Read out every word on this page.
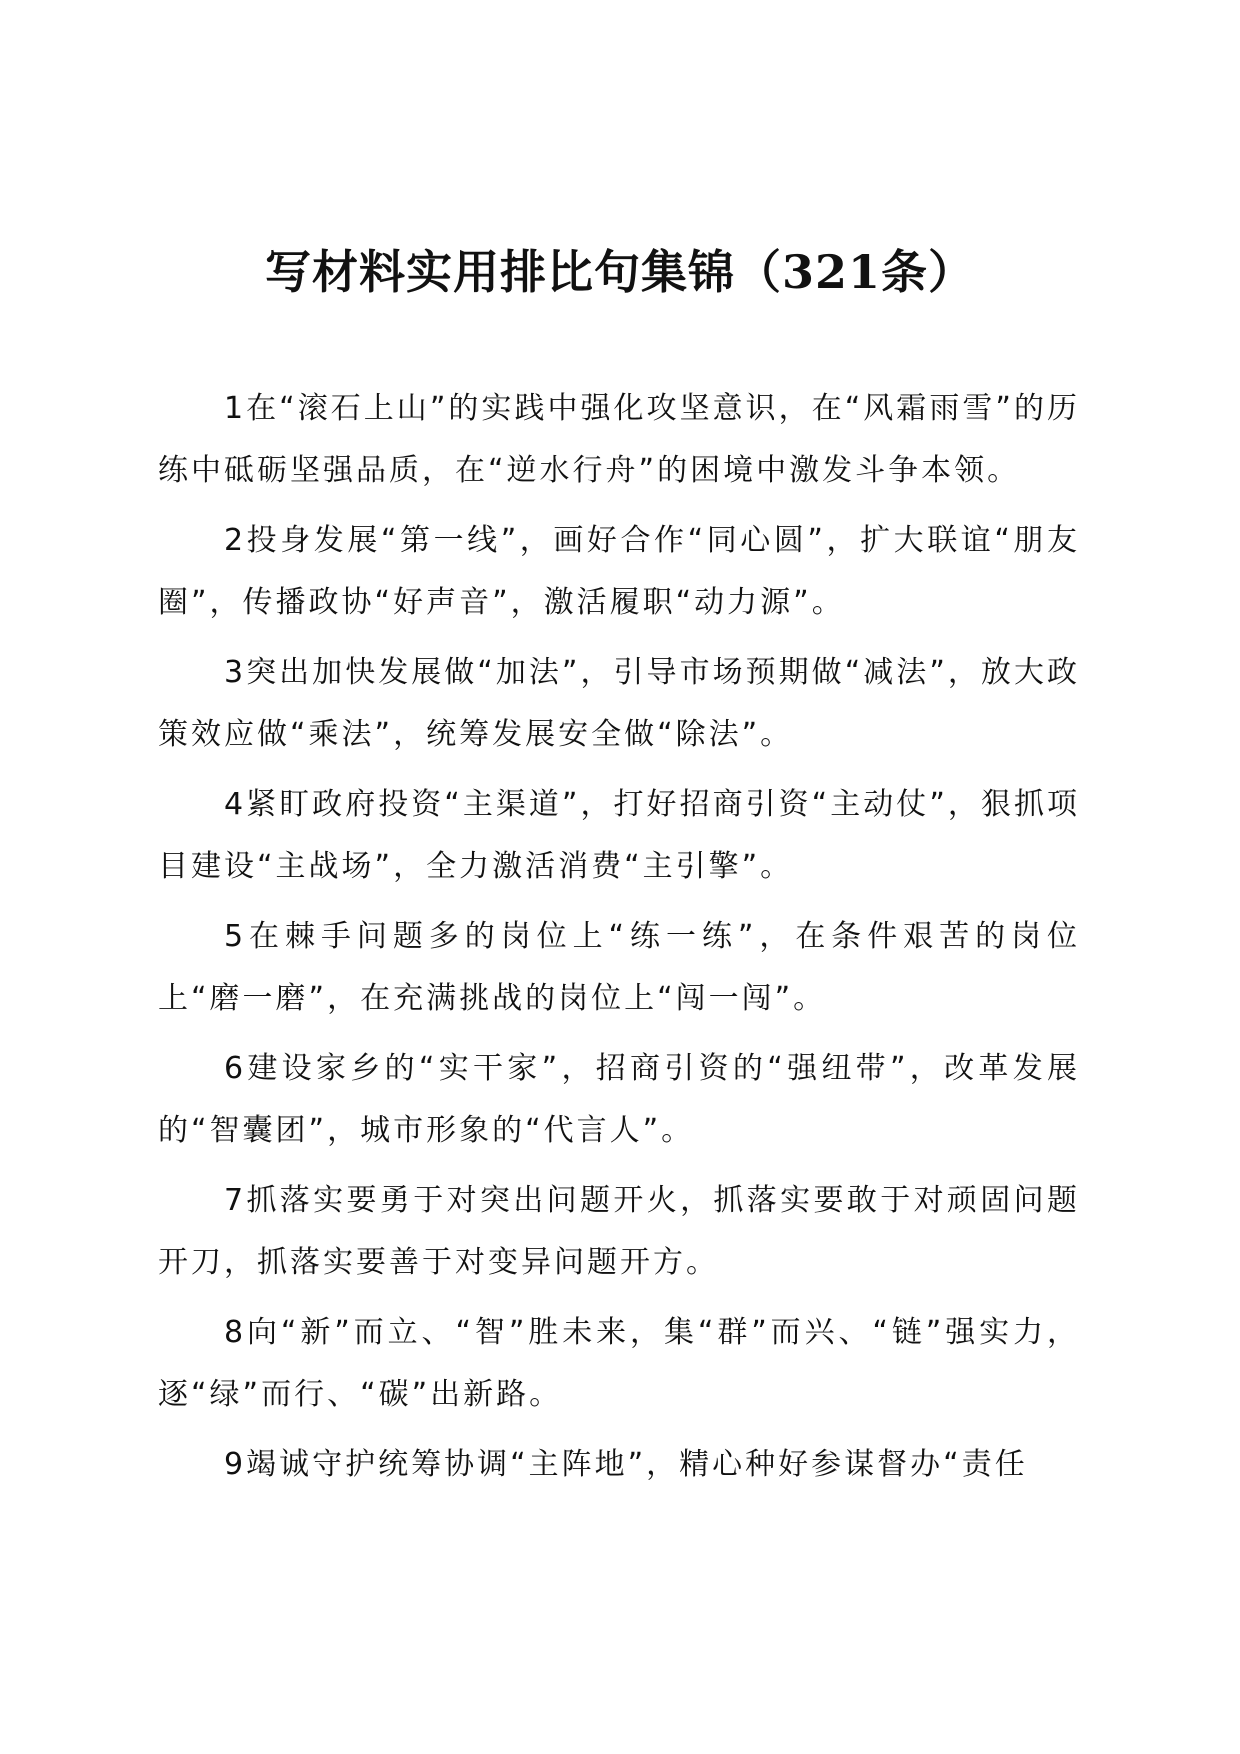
写材料实用排比句集锦（321条）

1在“滚石上山”的实践中强化攻坚意识，在“风霜雨雪”的历练中砥砺坚强品质，在“逆水行舟”的困境中激发斗争本领。

2投身发展“第一线”，画好合作“同心圆”，扩大联谊“朋友圈”，传播政协“好声音”，激活履职“动力源”。

3突出加快发展做“加法”，引导市场预期做“减法”，放大政策效应做“乘法”，统筹发展安全做“除法”。

4紧盯政府投资“主渠道”，打好招商引资“主动仗”，狠抓项目建设“主战场”，全力激活消费“主引擎”。

5在棘手问题多的岗位上“练一练”，在条件艰苦的岗位上“磨一磨”，在充满挑战的岗位上“闯一闯”。

6建设家乡的“实干家”，招商引资的“强纽带”，改革发展的“智囊团”，城市形象的“代言人”。

7抓落实要勇于对突出问题开火，抓落实要敢于对顽固问题开刀，抓落实要善于对变异问题开方。

8向“新”而立、“智”胜未来，集“群”而兴、“链”强实力，逐“绿”而行、“碳”出新路。

9竭诚守护统筹协调“主阵地”，精心种好参谋督办“责任
